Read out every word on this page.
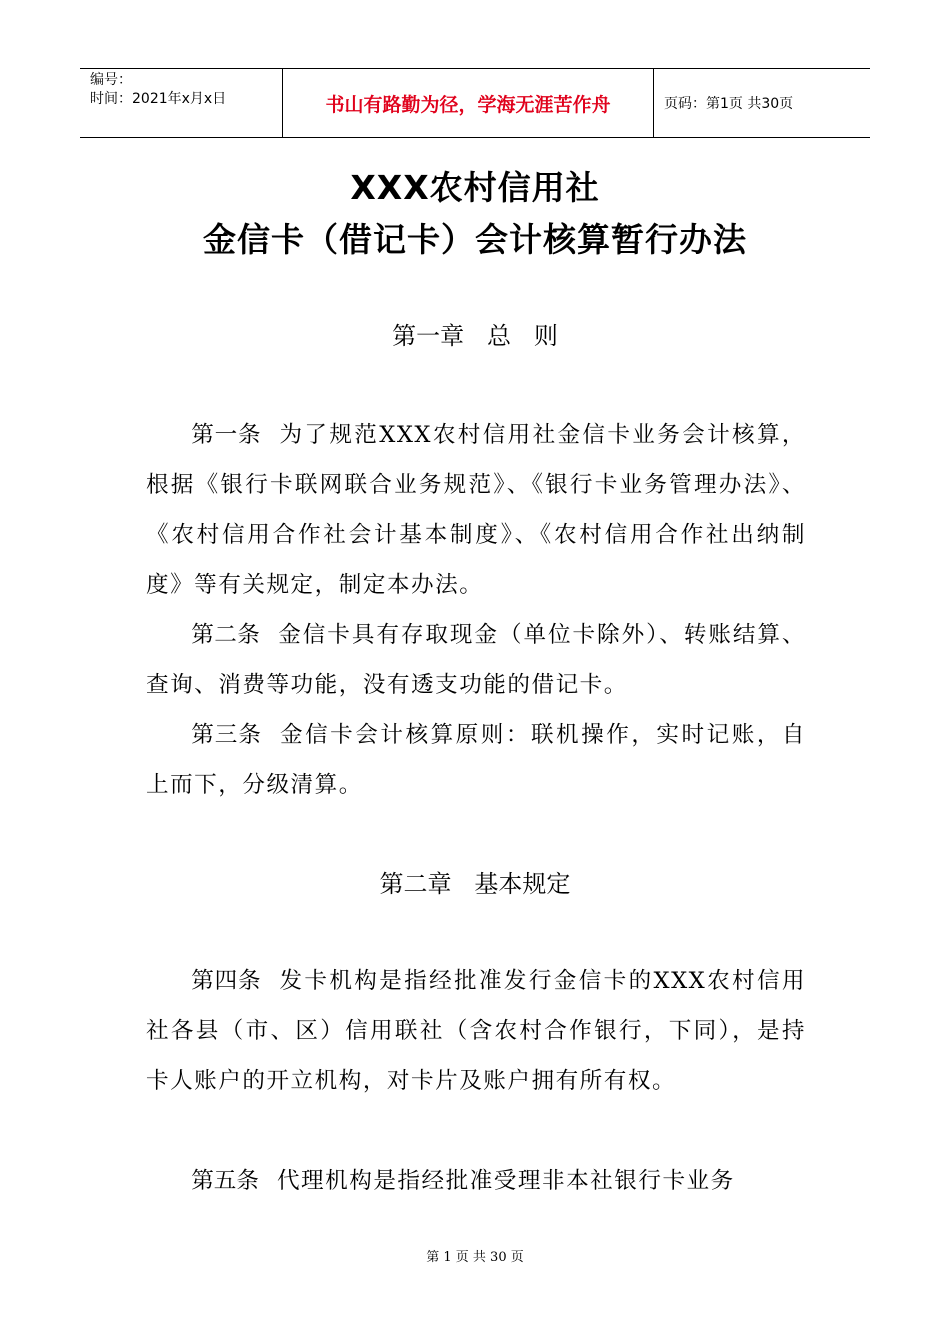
编号：
时间：2021年x月x日	书山有路勤为径，学海无涯苦作舟	页码：第1页 共30页
XXX农村信用社
金信卡（借记卡）会计核算暂行办法
第一章   总   则

第一条 为了规范XXX农村信用社金信卡业务会计核算，根据《银行卡联网联合业务规范》、《银行卡业务管理办法》、《农村信用合作社会计基本制度》、《农村信用合作社出纳制度》等有关规定，制定本办法。

第二条 金信卡具有存取现金（单位卡除外）、转账结算、查询、消费等功能，没有透支功能的借记卡。

第三条 金信卡会计核算原则：联机操作，实时记账，自上而下，分级清算。

第二章   基本规定

第四条 发卡机构是指经批准发行金信卡的XXX农村信用社各县（市、区）信用联社（含农村合作银行，下同），是持卡人账户的开立机构，对卡片及账户拥有所有权。

第五条 代理机构是指经批准受理非本社银行卡业务

第 1 页 共 30 页
